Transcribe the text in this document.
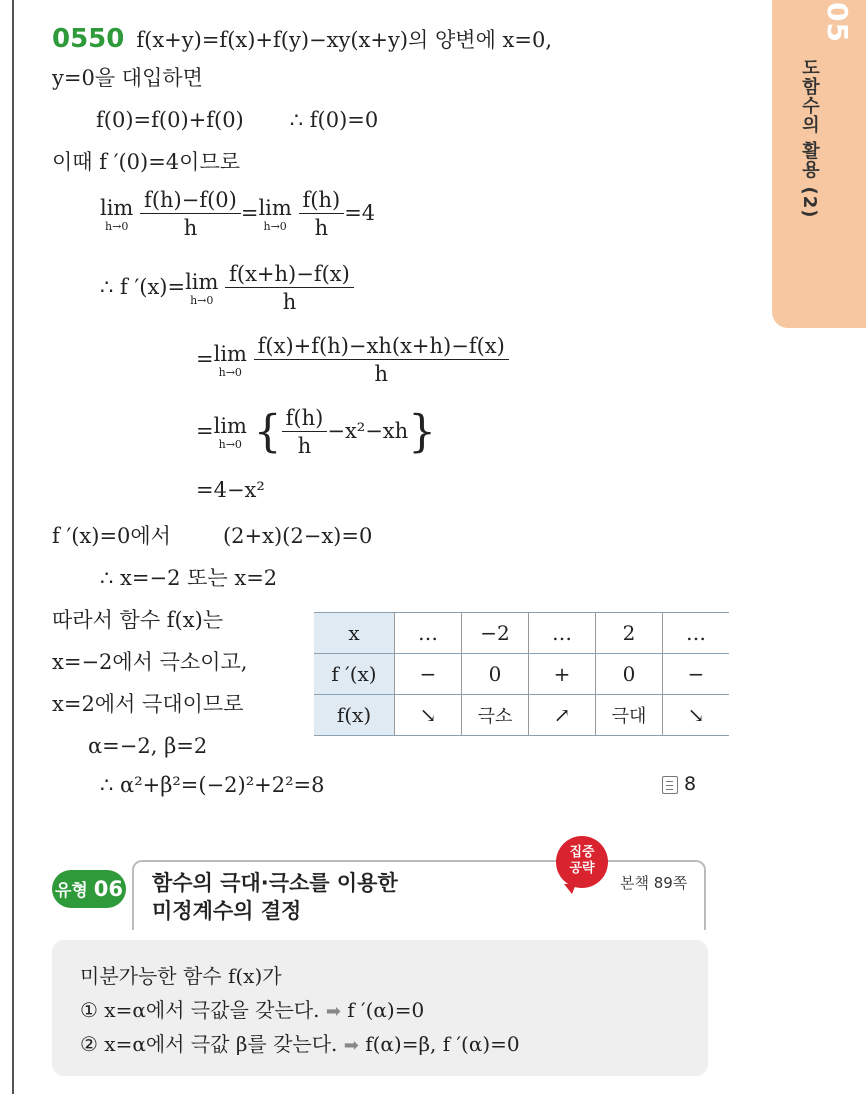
05
도함수의 활용 (2)
0550 f(x+y)=f(x)+f(y)−xy(x+y)의 양변에 x=0,
y=0을 대입하면
f(0)=f(0)+f(0) ∴ f(0)=0
이때 f ′(0)=4이므로
lim
h→0
$\frac{f(h)-f(0)}{h} = \lim$
h→0
$\frac{f(h)}{h} =4$
∴ f ′(x)= lim
h→0
$\frac{f(x+h)-f(x)}{h}$
= lim
h→0
$\frac{f(x)+f(h)-xh(x+h)-f(x)}{h}$
= lim
h→0 { $\frac{f(h)}{h} -x^2-xh$}
=4−x²
f ′(x)=0에서 (2+x)(2−x)=0
∴ x=−2 또는 x=2
따라서 함수 f(x)는
x=−2에서 극소이고,
x=2에서 극대이므로
α=−2, β=2
∴ α²+β²=(−2)²+2²=8
x	…	−2	…	2	…
f ′(x)	−	0	+	0	−
f(x)	↘	극소	↗	극대	↘
8
유형 06 함수의 극대·극소를 이용한
미정계수의 결정
집중
공략
본책 89쪽
미분가능한 함수 f(x)가
① x=α에서 극값을 갖는다. ➡ f ′(α)=0
② x=α에서 극값 β를 갖는다. ➡ f(α)=β, f ′(α)=0
